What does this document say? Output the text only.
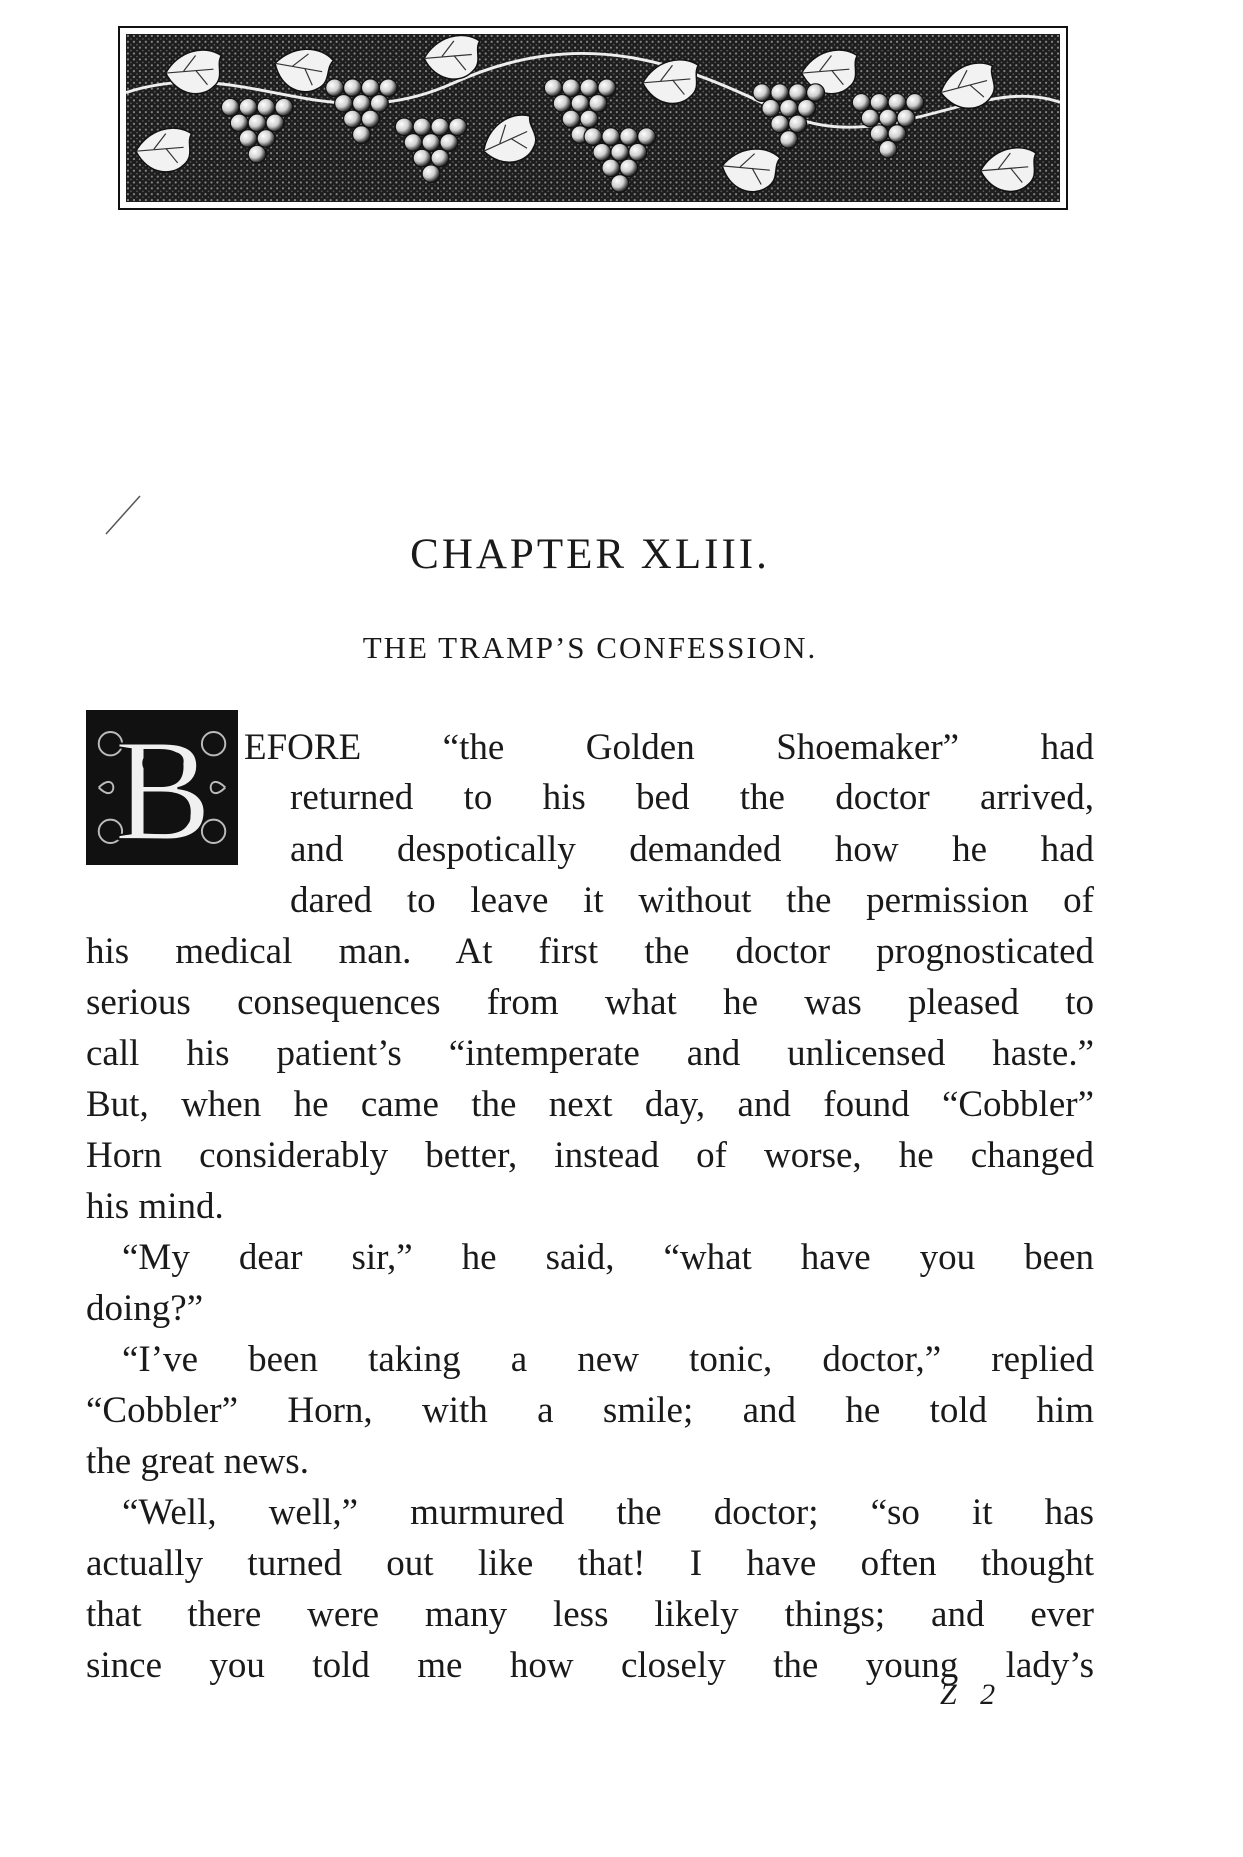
CHAPTER XLIII.
THE TRAMP’S CONFESSION.
B EFORE “the Golden Shoemaker” had
returned to his bed the doctor arrived,
and despotically demanded how he had
dared to leave it without the permission of
his medical man. At first the doctor prognosticated
serious consequences from what he was pleased to
call his patient’s “intemperate and unlicensed haste.”
But, when he came the next day, and found “Cobbler”
Horn considerably better, instead of worse, he changed
his mind.
“My dear sir,” he said, “what have you been
doing?”
“I’ve been taking a new tonic, doctor,” replied
“Cobbler” Horn, with a smile; and he told him
the great news.
“Well, well,” murmured the doctor; “so it has
actually turned out like that! I have often thought
that there were many less likely things; and ever
since you told me how closely the young lady’s
Z 2
